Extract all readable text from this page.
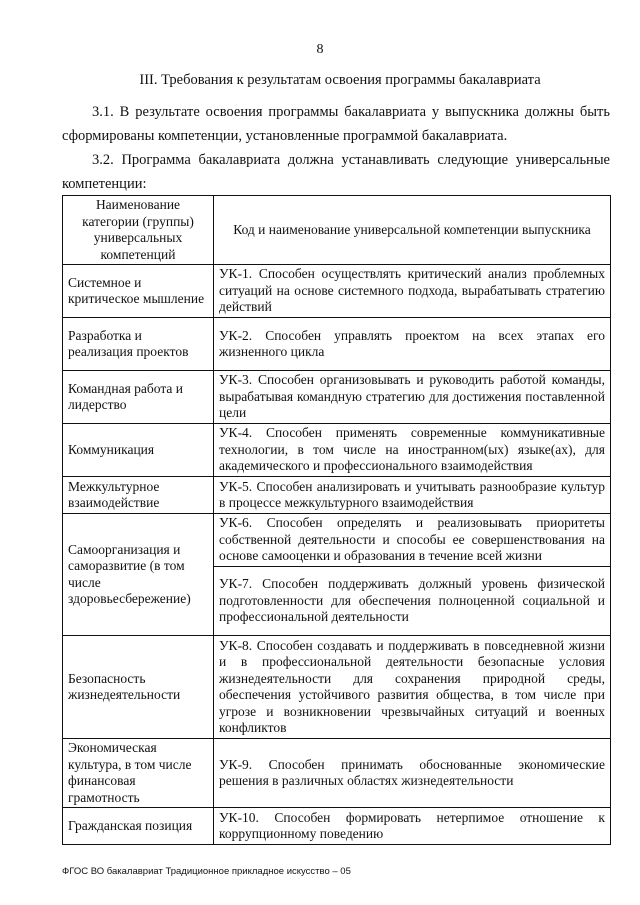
8
III. Требования к результатам освоения программы бакалавриата
3.1. В результате освоения программы бакалавриата у выпускника должны быть сформированы компетенции, установленные программой бакалавриата.
3.2. Программа бакалавриата должна устанавливать следующие универсальные компетенции:
Наименование категории (группы) универсальных компетенций	Код и наименование универсальной компетенции выпускника
Системное и критическое мышление	УК-1. Способен осуществлять критический анализ проблемных ситуаций на основе системного подхода, вырабатывать стратегию действий
Разработка и реализация проектов	УК-2. Способен управлять проектом на всех этапах его жизненного цикла
Командная работа и лидерство	УК-3. Способен организовывать и руководить работой команды, вырабатывая командную стратегию для достижения поставленной цели
Коммуникация	УК-4. Способен применять современные коммуникативные технологии, в том числе на иностранном(ых) языке(ах), для академического и профессионального взаимодействия
Межкультурное взаимодействие	УК-5. Способен анализировать и учитывать разнообразие культур в процессе межкультурного взаимодействия
Самоорганизация и саморазвитие (в том числе здоровьесбережение)	УК-6. Способен определять и реализовывать приоритеты собственной деятельности и способы ее совершенствования на основе самооценки и образования в течение всей жизни
	УК-7. Способен поддерживать должный уровень физической подготовленности для обеспечения полноценной социальной и профессиональной деятельности
Безопасность жизнедеятельности	УК-8. Способен создавать и поддерживать в повседневной жизни и в профессиональной деятельности безопасные условия жизнедеятельности для сохранения природной среды, обеспечения устойчивого развития общества, в том числе при угрозе и возникновении чрезвычайных ситуаций и военных конфликтов
Экономическая культура, в том числе финансовая грамотность	УК-9. Способен принимать обоснованные экономические решения в различных областях жизнедеятельности
Гражданская позиция	УК-10. Способен формировать нетерпимое отношение к коррупционному поведению
ФГОС ВО бакалавриат Традиционное прикладное искусство – 05
